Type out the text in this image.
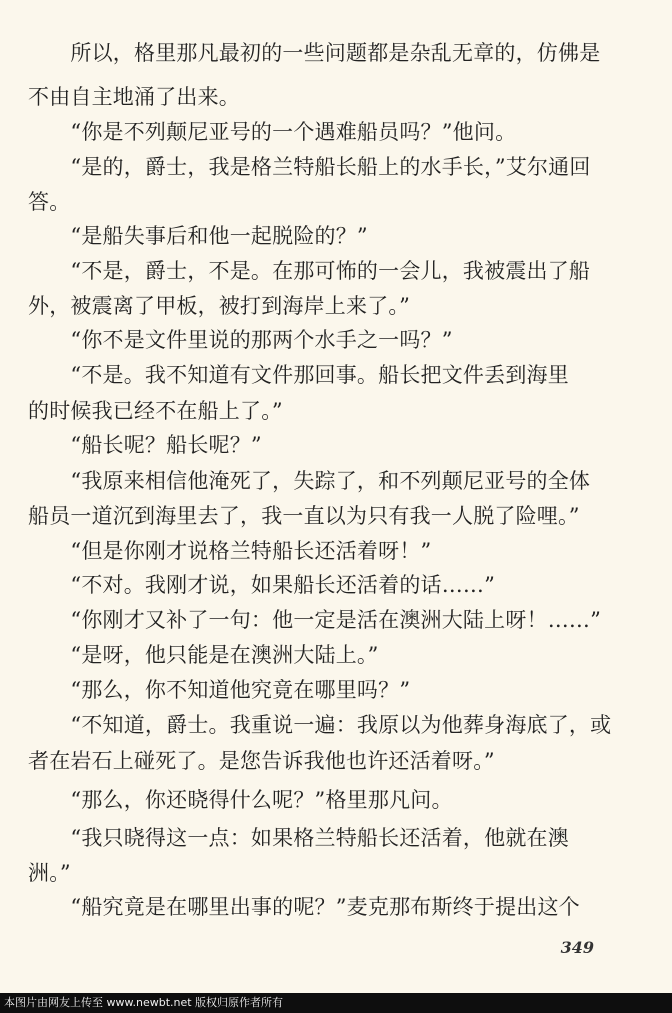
　　所以，格里那凡最初的一些问题都是杂乱无章的，仿佛是
不由自主地涌了出来。
　　“你是不列颠尼亚号的一个遇难船员吗？”他问。
　　“是的，爵士，我是格兰特船长船上的水手长，”艾尔通回
答。
　　“是船失事后和他一起脱险的？”
　　“不是，爵士，不是。在那可怖的一会儿，我被震出了船
外，被震离了甲板，被打到海岸上来了。”
　　“你不是文件里说的那两个水手之一吗？”
　　“不是。我不知道有文件那回事。船长把文件丢到海里
的时候我已经不在船上了。”
　　“船长呢？船长呢？”
　　“我原来相信他淹死了，失踪了，和不列颠尼亚号的全体
船员一道沉到海里去了，我一直以为只有我一人脱了险哩。”
　　“但是你刚才说格兰特船长还活着呀！”
　　“不对。我刚才说，如果船长还活着的话……”
　　“你刚才又补了一句：他一定是活在澳洲大陆上呀！……”
　　“是呀，他只能是在澳洲大陆上。”
　　“那么，你不知道他究竟在哪里吗？”
　　“不知道，爵士。我重说一遍：我原以为他葬身海底了，或
者在岩石上碰死了。是您告诉我他也许还活着呀。”
　　“那么，你还晓得什么呢？”格里那凡问。
　　“我只晓得这一点：如果格兰特船长还活着，他就在澳
洲。”
　　“船究竟是在哪里出事的呢？”麦克那布斯终于提出这个
349
本图片由网友上传至 www.newbt.net 版权归原作者所有
